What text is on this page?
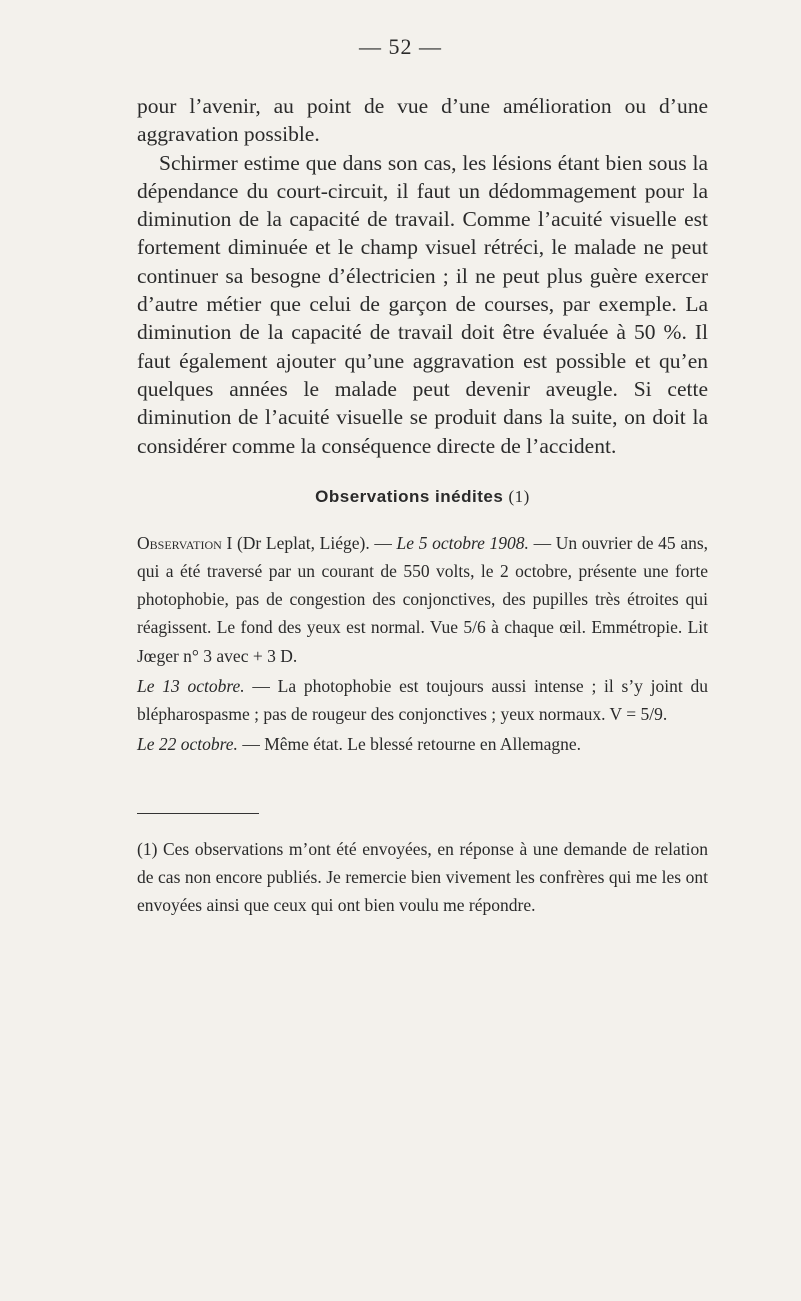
— 52 —

pour l’avenir, au point de vue d’une amélioration ou d’une aggravation possible.

Schirmer estime que dans son cas, les lésions étant bien sous la dépendance du court-circuit, il faut un dédommagement pour la diminution de la capacité de travail. Comme l’acuité visuelle est fortement diminuée et le champ visuel rétréci, le malade ne peut continuer sa besogne d’électricien ; il ne peut plus guère exercer d’autre métier que celui de garçon de courses, par exemple. La diminution de la capacité de travail doit être évaluée à 50 %. Il faut également ajouter qu’une aggravation est possible et qu’en quelques années le malade peut devenir aveugle. Si cette diminution de l’acuité visuelle se produit dans la suite, on doit la considérer comme la conséquence directe de l’accident.

Observations inédites (1)

Observation I (Dr Leplat, Liége). — Le 5 octobre 1908. — Un ouvrier de 45 ans, qui a été traversé par un courant de 550 volts, le 2 octobre, présente une forte photophobie, pas de congestion des conjonctives, des pupilles très étroites qui réagissent. Le fond des yeux est normal. Vue 5/6 à chaque œil. Emmétropie. Lit Jœger n° 3 avec + 3 D.

Le 13 octobre. — La photophobie est toujours aussi intense ; il s’y joint du blépharospasme ; pas de rougeur des conjonctives ; yeux normaux. V = 5/9.

Le 22 octobre. — Même état. Le blessé retourne en Allemagne.

(1) Ces observations m’ont été envoyées, en réponse à une demande de relation de cas non encore publiés. Je remercie bien vivement les confrères qui me les ont envoyées ainsi que ceux qui ont bien voulu me répondre.
